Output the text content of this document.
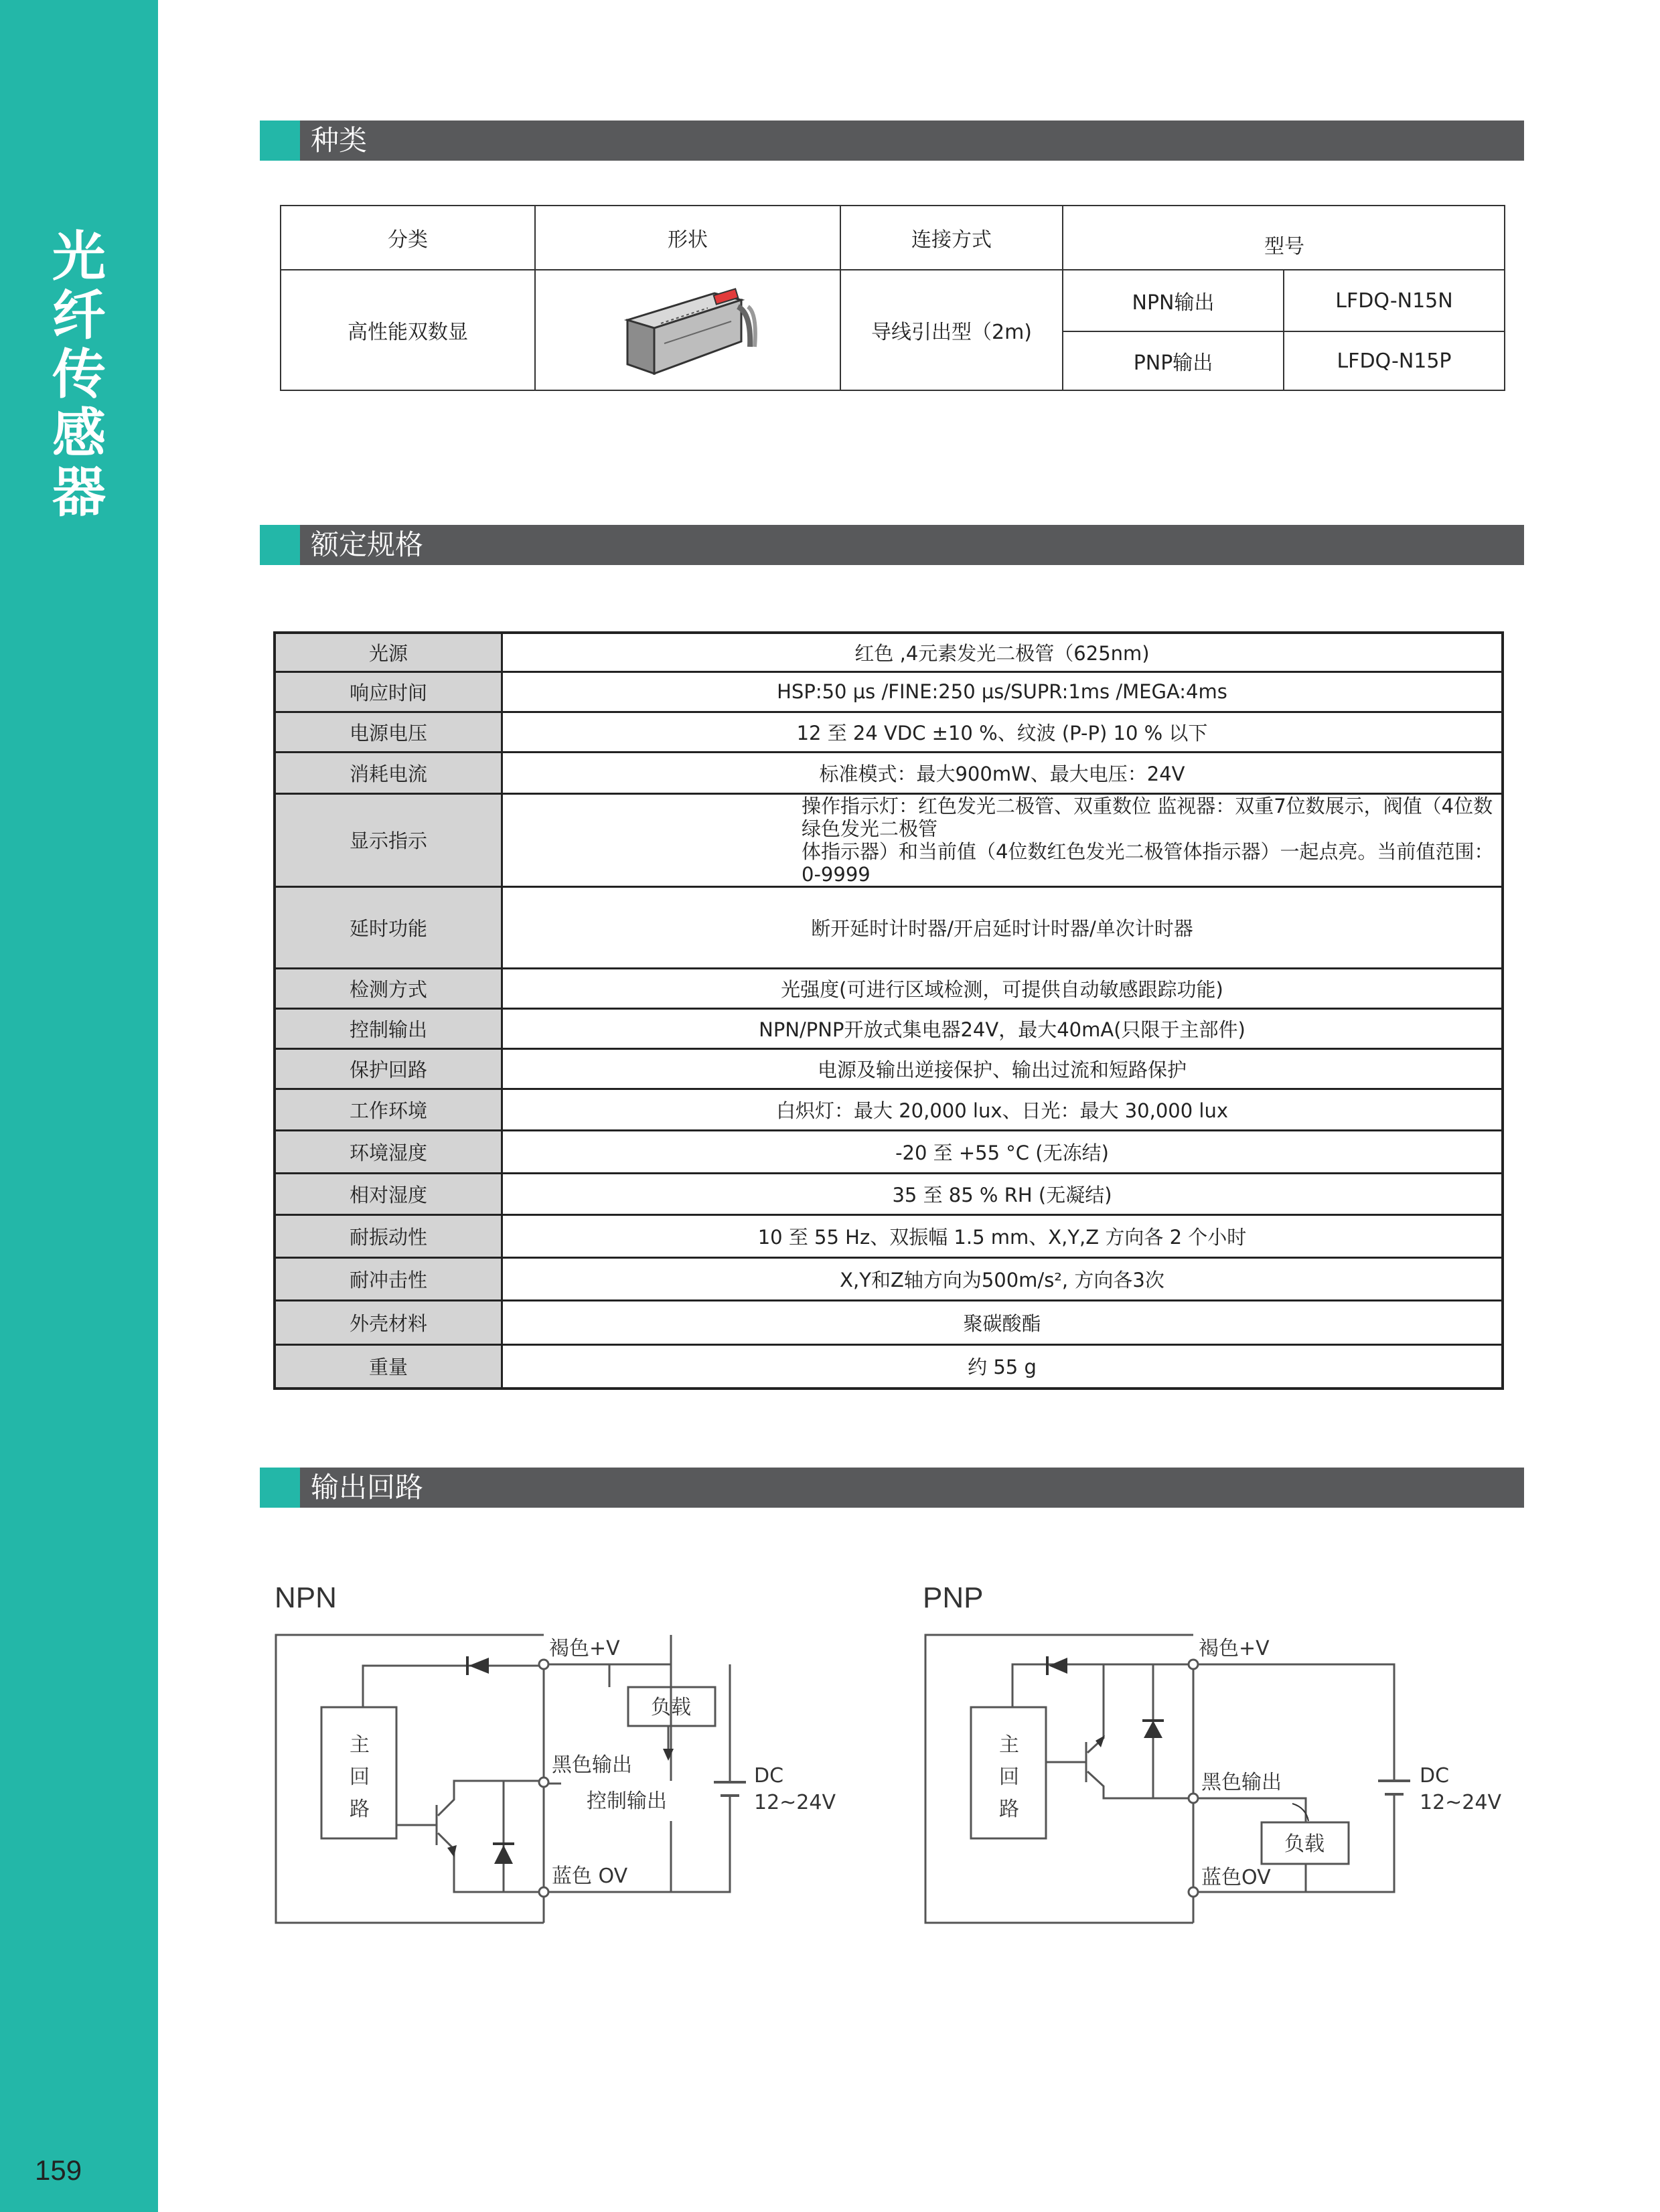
光
纤
传
感
器
159
种类
分类	形状	连接方式	型号
高性能双数显	导线引出型（2m)
NPN输出	LFDQ-N15N
PNP输出	LFDQ-N15P
额定规格
光源	红色 ,4元素发光二极管（625nm)
响应时间	HSP:50 μs /FINE:250 μs/SUPR:1ms /MEGA:4ms
电源电压	12 至 24 VDC ±10 %、纹波 (P-P) 10 % 以下
消耗电流	标准模式：最大900mW、最大电压：24V
显示指示	操作指示灯：红色发光二极管、双重数位 监视器：双重7位数展示，阀值（4位数绿色发光二极管
体指示器）和当前值（4位数红色发光二极管体指示器）一起点亮。当前值范围：0-9999

延时功能	断开延时计时器/开启延时计时器/单次计时器
检测方式	光强度(可进行区域检测，可提供自动敏感跟踪功能)
控制输出	NPN/PNP开放式集电器24V，最大40mA(只限于主部件)
保护回路	电源及输出逆接保护、输出过流和短路保护
工作环境	白炽灯：最大 20,000 lux、日光：最大 30,000 lux
环境湿度	-20 至 +55 °C (无冻结)
相对湿度	35 至 85 % RH (无凝结)
耐振动性	10 至 55 Hz、双振幅 1.5 mm、X,Y,Z 方向各 2 个小时
耐冲击性	X,Y和Z轴方向为500m/s², 方向各3次
外壳材料	聚碳酸酯
重量	约 55 g
输出回路
NPN	PNP
褐色+V
黑色输出
控制输出
蓝色 OV
负载
DC
12~24V
主
回
路
褐色+V
黑色输出
蓝色OV
负载
DC
12~24V
主
回
路
